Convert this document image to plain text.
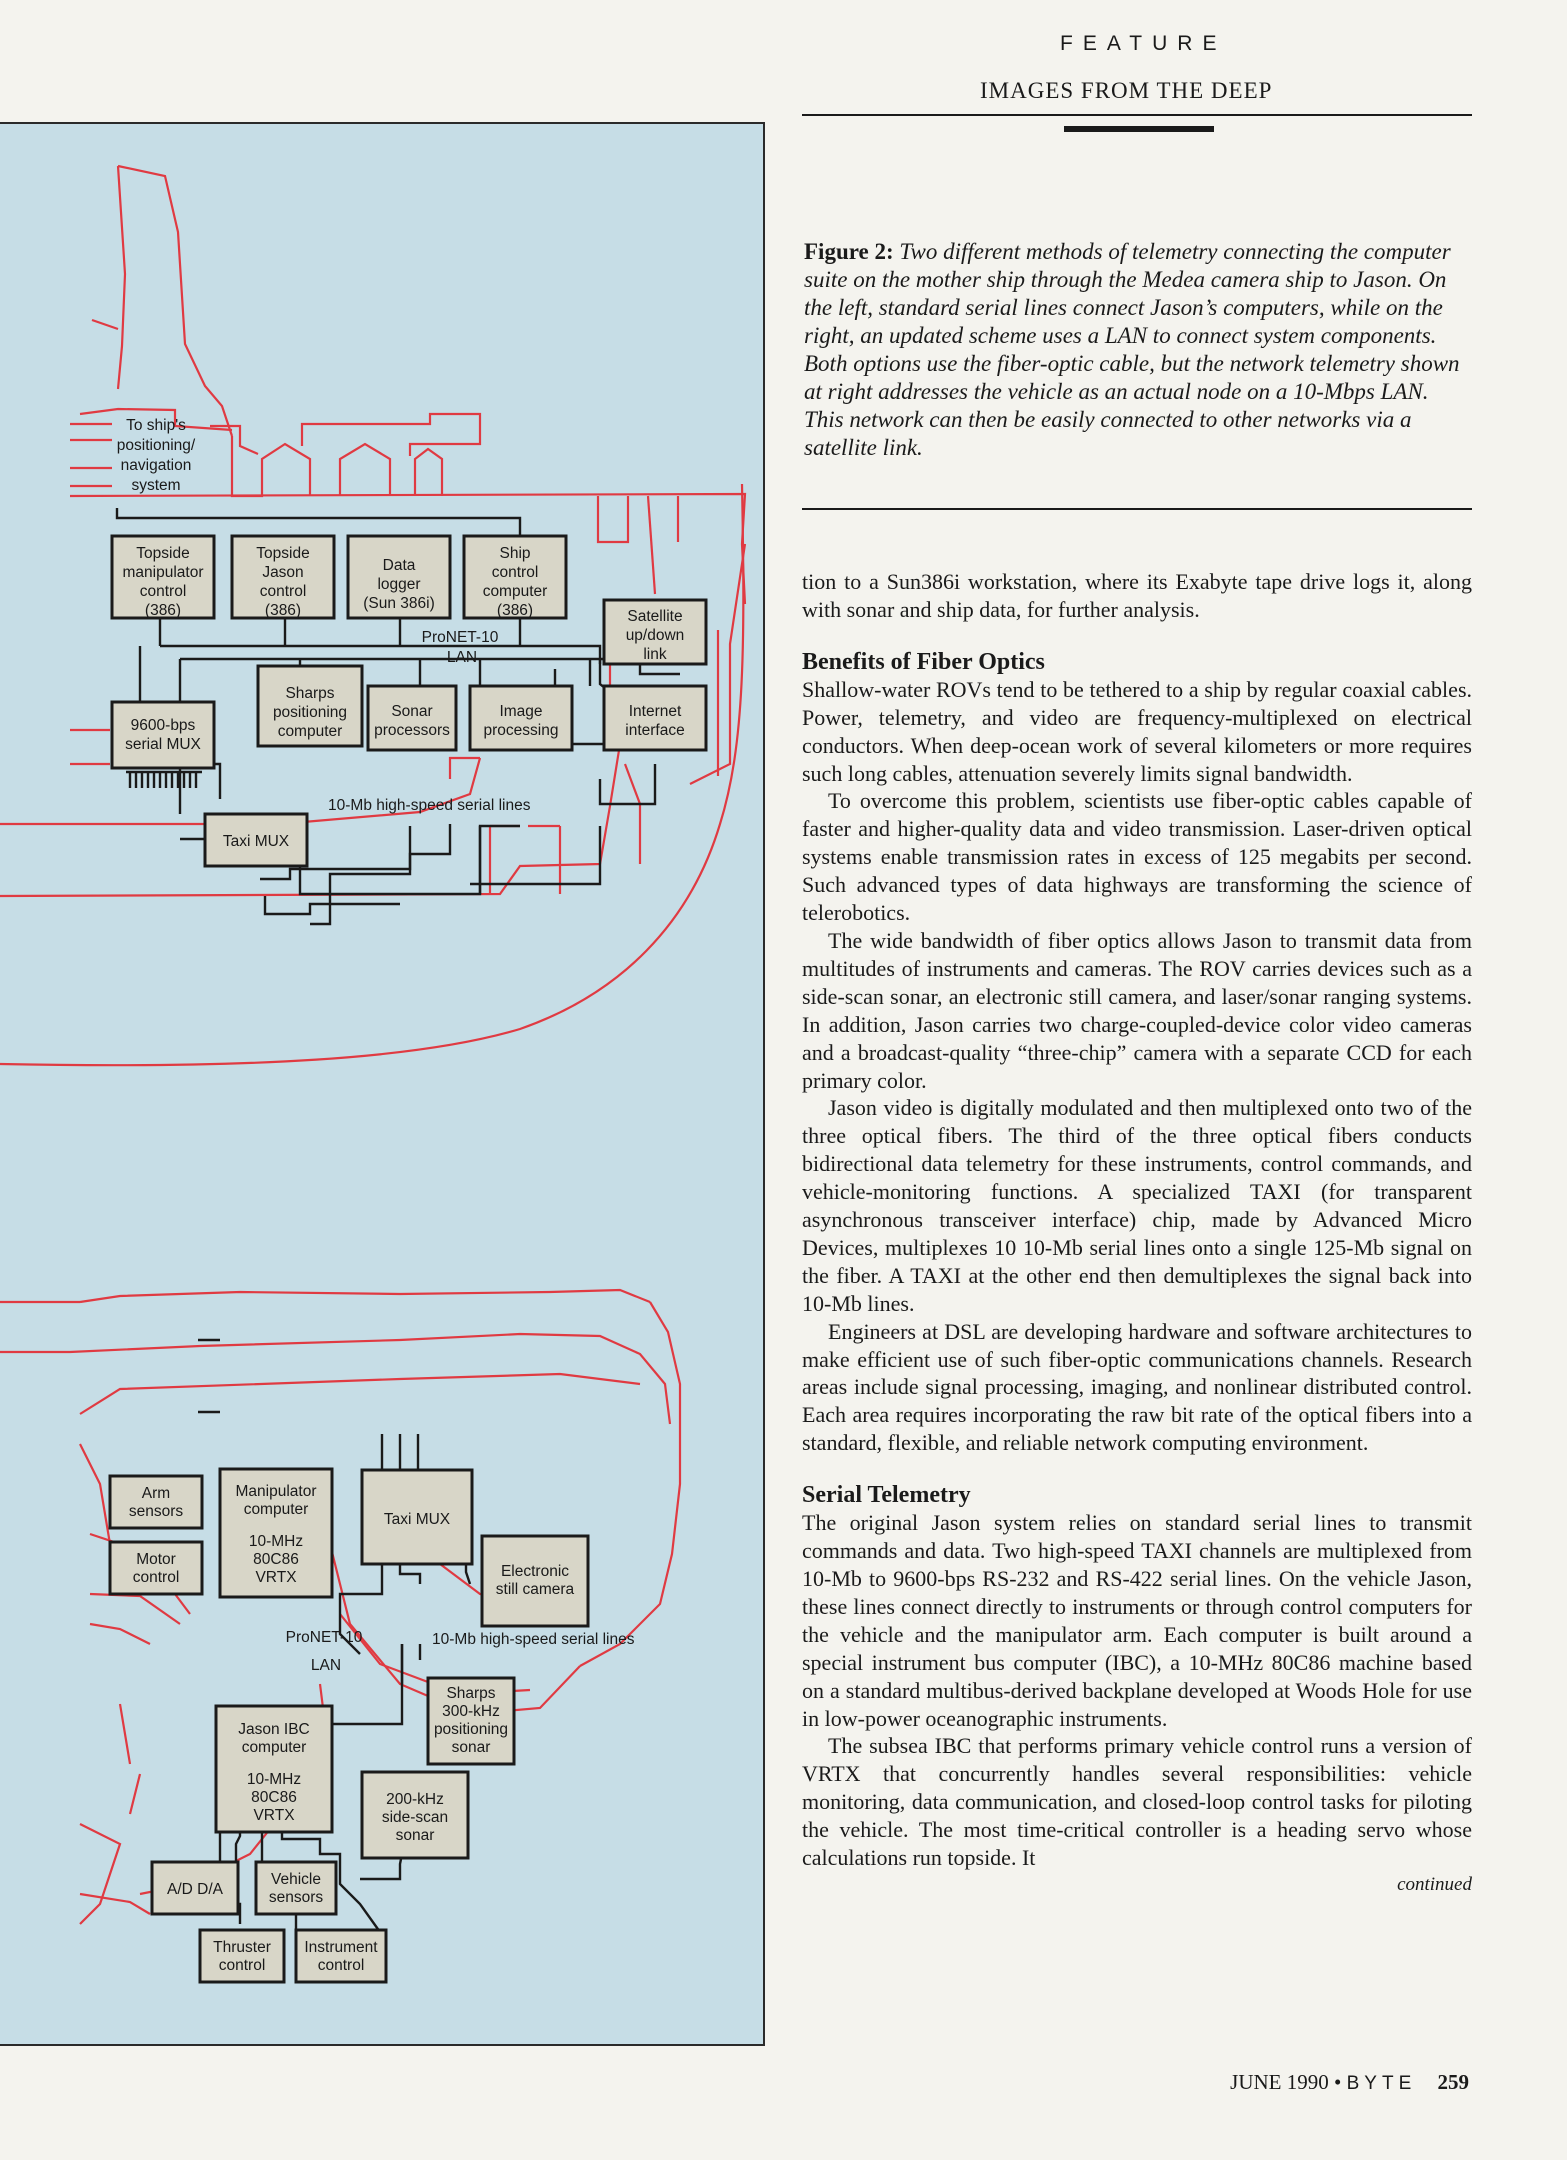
FEATURE
IMAGES FROM THE DEEP
To ship's
positioning/
navigation
system
Topside
manipulator
control
(386)
Topside
Jason
control
(386)
Data
logger
(Sun 386i)
Ship
control
computer
(386)	Satellite
up/down
link
ProNET-10
LAN
9600-bps
serial MUX
Sharps
positioning
computer
Sonar
processors
Image
processing
Internet
interface
Taxi MUX
10-Mb high-speed serial lines
Arm
sensors
Manipulator
computer
10-MHz
80C86
VRTX
Motor
control
Taxi MUX
Electronic
still camera
ProNET-10
LAN
10-Mb high-speed serial lines
Jason IBC
computer
10-MHz
80C86
VRTX
Sharps
300-kHz
positioning
sonar
200-kHz
side-scan
sonar
A/D D/A
Vehicle
sensors
Thruster
control
Instrument
control
Figure 2: Two different methods of telemetry connecting the computer suite on the mother ship through the Medea camera ship to Jason. On the left, standard serial lines connect Jason’s computers, while on the right, an updated scheme uses a LAN to connect system components. Both options use the fiber-optic cable, but the network telemetry shown at right addresses the vehicle as an actual node on a 10-Mbps LAN. This network can then be easily connected to other networks via a satellite link.

tion to a Sun386i workstation, where its Exabyte tape drive logs it, along with sonar and ship data, for further analysis.

Benefits of Fiber Optics

Shallow-water ROVs tend to be tethered to a ship by regular coaxial cables. Power, telemetry, and video are frequency-multiplexed on electrical conductors. When deep-ocean work of several kilometers or more requires such long cables, attenuation severely limits signal bandwidth.

To overcome this problem, scientists use fiber-optic cables capable of faster and higher-quality data and video transmission. Laser-driven optical systems enable transmission rates in excess of 125 megabits per second. Such advanced types of data highways are transforming the science of telerobotics.

The wide bandwidth of fiber optics allows Jason to transmit data from multitudes of instruments and cameras. The ROV carries devices such as a side-scan sonar, an electronic still camera, and laser/sonar ranging systems. In addition, Jason carries two charge-coupled-device color video cameras and a broadcast-quality “three-chip” camera with a separate CCD for each primary color.

Jason video is digitally modulated and then multiplexed onto two of the three optical fibers. The third of the three optical fibers conducts bidirectional data telemetry for these instruments, control commands, and vehicle-monitoring functions. A specialized TAXI (for transparent asynchronous transceiver interface) chip, made by Advanced Micro Devices, multiplexes 10 10-Mb serial lines onto a single 125-Mb signal on the fiber. A TAXI at the other end then demultiplexes the signal back into 10-Mb lines.

Engineers at DSL are developing hardware and software architectures to make efficient use of such fiber-optic communications channels. Research areas include signal processing, imaging, and nonlinear distributed control. Each area requires incorporating the raw bit rate of the optical fibers into a standard, flexible, and reliable network computing environment.

Serial Telemetry

The original Jason system relies on standard serial lines to transmit commands and data. Two high-speed TAXI channels are multiplexed from 10-Mb to 9600-bps RS-232 and RS-422 serial lines. On the vehicle Jason, these lines connect directly to instruments or through control computers for the vehicle and the manipulator arm. Each computer is built around a special instrument bus computer (IBC), a 10-MHz 80C86 machine based on a standard multibus-derived backplane developed at Woods Hole for use in low-power oceanographic instruments.

The subsea IBC that performs primary vehicle control runs a version of VRTX that concurrently handles several responsibilities: vehicle monitoring, data communication, and closed-loop control tasks for piloting the vehicle. The most time-critical controller is a heading servo whose calculations run topside. It

continued
JUNE 1990 • BYTE 259
